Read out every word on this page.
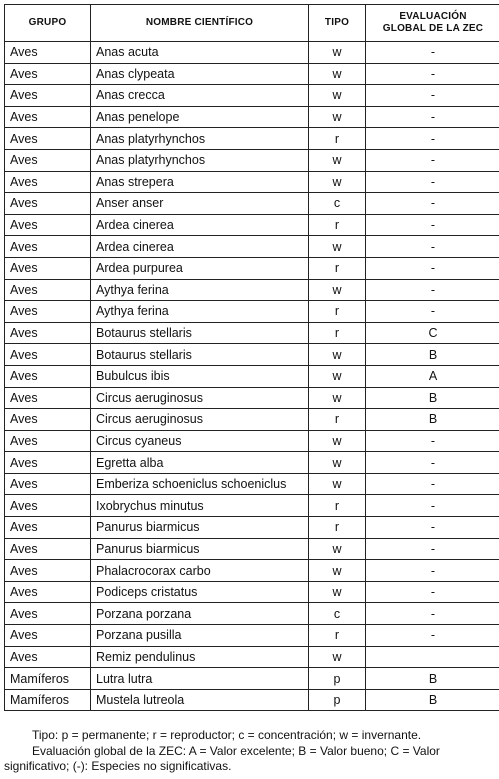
GRUPO	NOMBRE CIENTÍFICO	TIPO	EVALUACIÓN
GLOBAL DE LA ZEC
Aves	Anas acuta	w	-
Aves	Anas clypeata	w	-
Aves	Anas crecca	w	-
Aves	Anas penelope	w	-
Aves	Anas platyrhynchos	r	-
Aves	Anas platyrhynchos	w	-
Aves	Anas strepera	w	-
Aves	Anser anser	c	-
Aves	Ardea cinerea	r	-
Aves	Ardea cinerea	w	-
Aves	Ardea purpurea	r	-
Aves	Aythya ferina	w	-
Aves	Aythya ferina	r	-
Aves	Botaurus stellaris	r	C
Aves	Botaurus stellaris	w	B
Aves	Bubulcus ibis	w	A
Aves	Circus aeruginosus	w	B
Aves	Circus aeruginosus	r	B
Aves	Circus cyaneus	w	-
Aves	Egretta alba	w	-
Aves	Emberiza schoeniclus schoeniclus	w	-
Aves	Ixobrychus minutus	r	-
Aves	Panurus biarmicus	r	-
Aves	Panurus biarmicus	w	-
Aves	Phalacrocorax carbo	w	-
Aves	Podiceps cristatus	w	-
Aves	Porzana porzana	c	-
Aves	Porzana pusilla	r	-
Aves	Remiz pendulinus	w	
Mamíferos	Lutra lutra	p	B
Mamíferos	Mustela lutreola	p	B
Tipo: p = permanente; r = reproductor; c = concentración; w = invernante.
Evaluación global de la ZEC: A = Valor excelente; B = Valor bueno; C = Valor
significativo; (-): Especies no significativas.
